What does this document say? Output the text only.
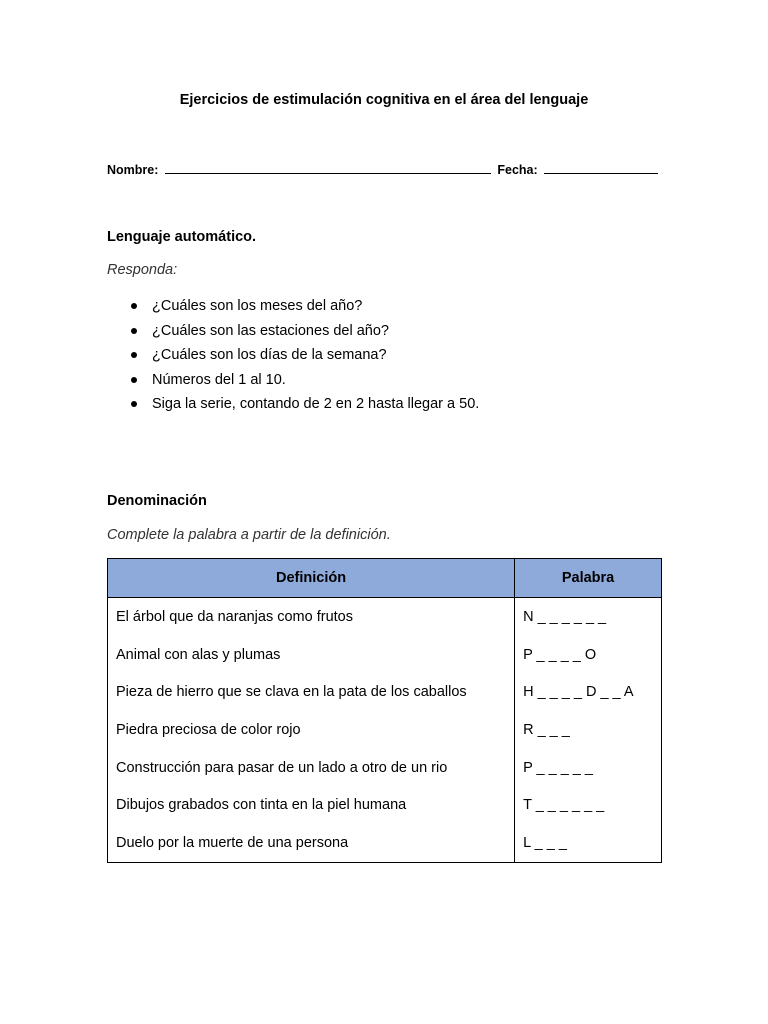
Ejercicios de estimulación cognitiva en el área del lenguaje
Nombre:	Fecha:
Lenguaje automático.
Responda:
¿Cuáles son los meses del año?
¿Cuáles son las estaciones del año?
¿Cuáles son los días de la semana?
Números del 1 al 10.
Siga la serie, contando de 2 en 2 hasta llegar a 50.
Denominación
Complete la palabra a partir de la definición.
Definición	Palabra
El árbol que da naranjas como frutos	N _ _ _ _ _ _
Animal con alas y plumas	P _ _ _ _ O
Pieza de hierro que se clava en la pata de los caballos	H _ _ _ _ D _ _ A
Piedra preciosa de color rojo	R _ _ _
Construcción para pasar de un lado a otro de un rio	P _ _ _ _ _
Dibujos grabados con tinta en la piel humana	T _ _ _ _ _ _
Duelo por la muerte de una persona	L _ _ _
